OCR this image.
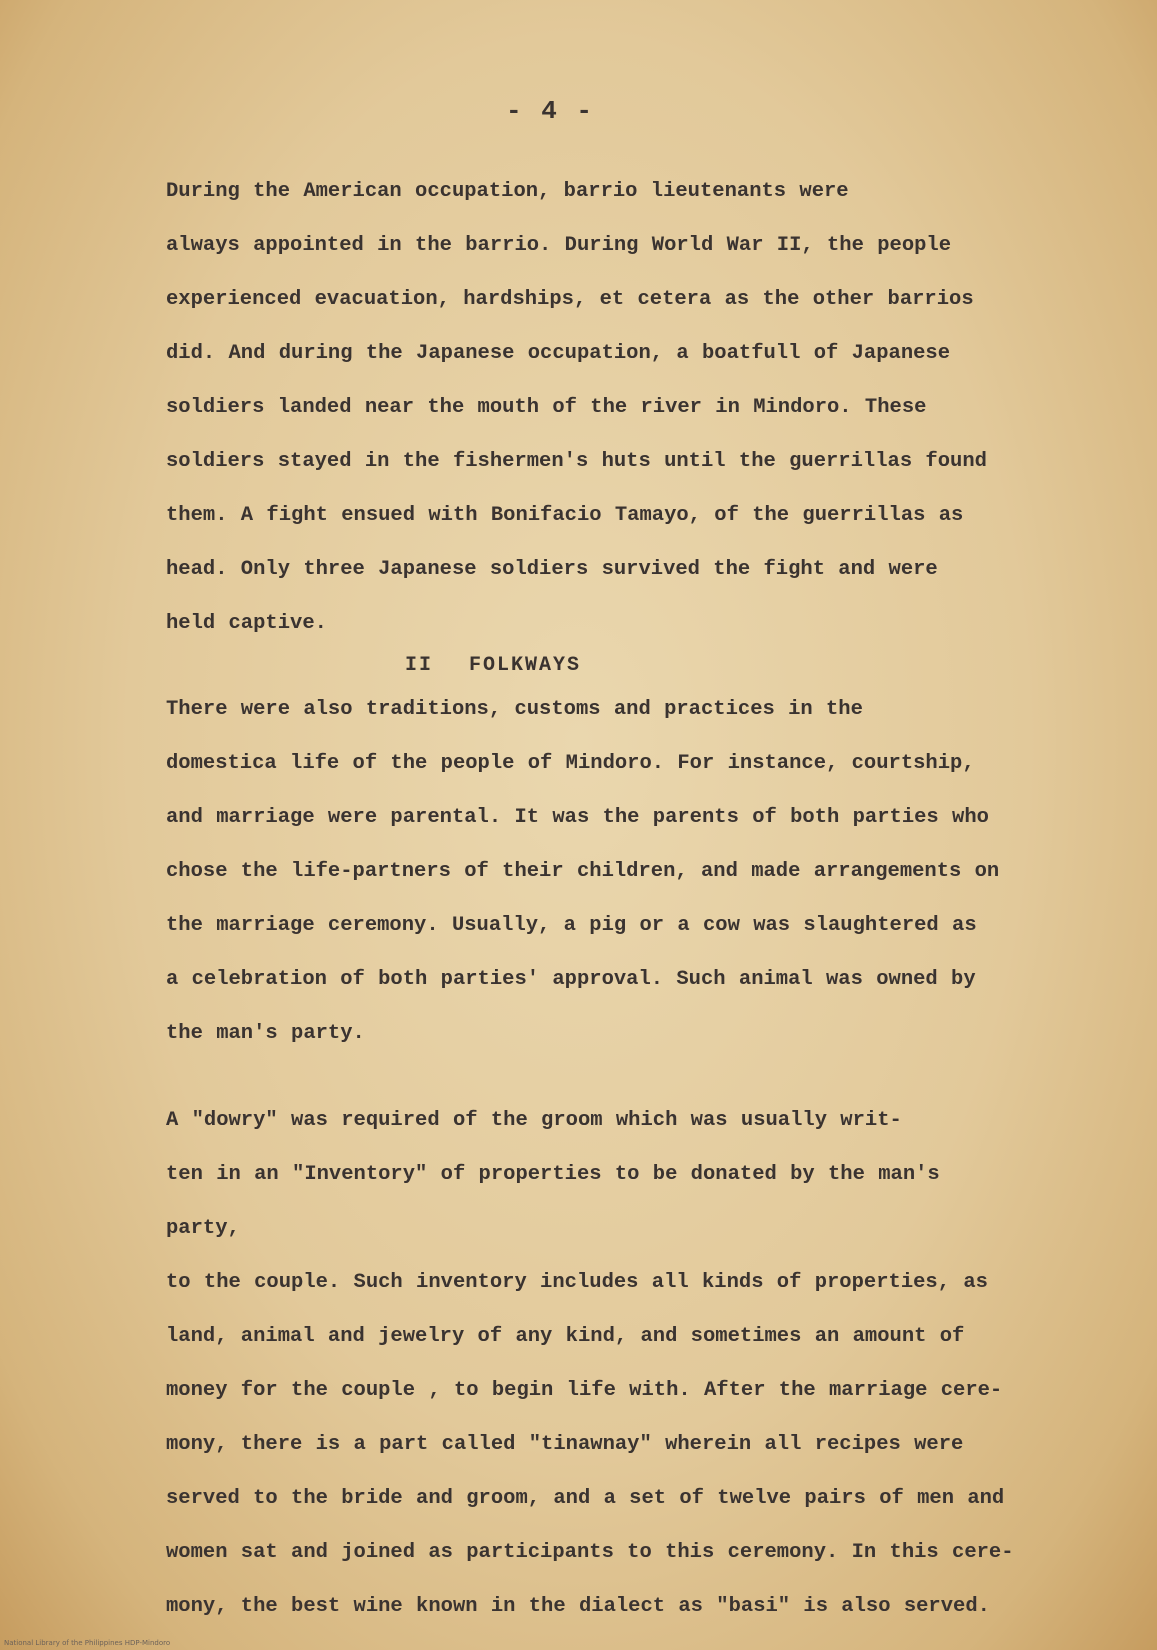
- 4 -

During the American occupation, barrio lieutenants were
always appointed in the barrio. During World War II, the people
experienced evacuation, hardships, et cetera as the other barrios
did. And during the Japanese occupation, a boatfull of Japanese
soldiers landed near the mouth of the river in Mindoro. These
soldiers stayed in the fishermen's huts until the guerrillas found
them. A fight ensued with Bonifacio Tamayo, of the guerrillas as
head. Only three Japanese soldiers survived the fight and were
held captive.

II FOLKWAYS

There were also traditions, customs and practices in the
domestica life of the people of Mindoro. For instance, courtship,
and marriage were parental. It was the parents of both parties who
chose the life-partners of their children, and made arrangements on
the marriage ceremony. Usually, a pig or a cow was slaughtered as
a celebration of both parties' approval. Such animal was owned by
the man's party.

A "dowry" was required of the groom which was usually writ-
ten in an "Inventory" of properties to be donated by the man's party,
to the couple. Such inventory includes all kinds of properties, as
land, animal and jewelry of any kind, and sometimes an amount of
money for the couple , to begin life with. After the marriage cere-
mony, there is a part called "tinawnay" wherein all recipes were
served to the bride and groom, and a set of twelve pairs of men and
women sat and joined as participants to this ceremony. In this cere-
mony, the best wine known in the dialect as "basi" is also served.

National Library of the Philippines HDP-Mindoro
